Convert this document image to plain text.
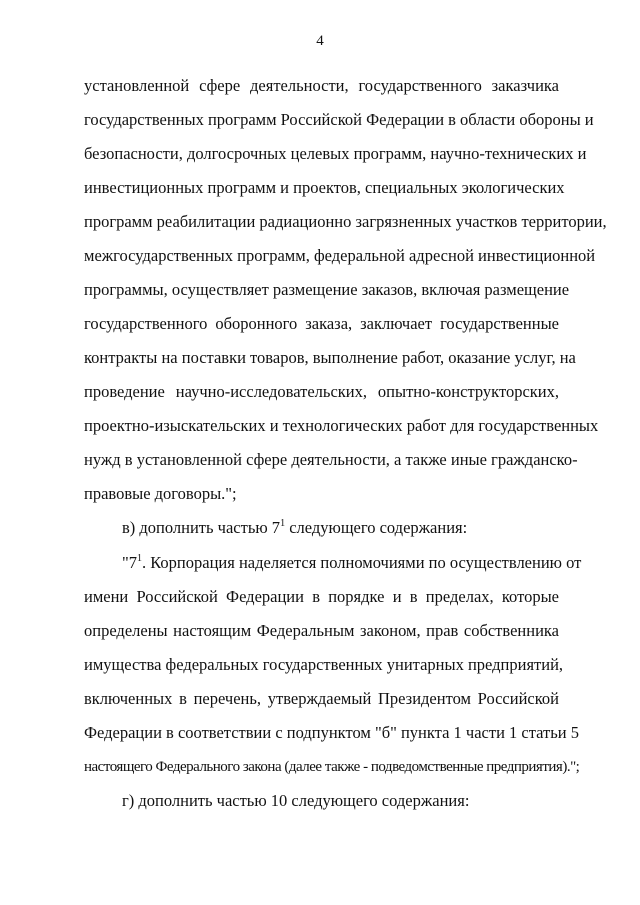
4
установленной сфере деятельности, государственного заказчика
государственных программ Российской Федерации в области обороны и
безопасности, долгосрочных целевых программ, научно-технических и
инвестиционных программ и проектов, специальных экологических
программ реабилитации радиационно загрязненных участков территории,
межгосударственных программ, федеральной адресной инвестиционной
программы, осуществляет размещение заказов, включая размещение
государственного оборонного заказа, заключает государственные
контракты на поставки товаров, выполнение работ, оказание услуг, на
проведение научно-исследовательских, опытно-конструкторских,
проектно-изыскательских и технологических работ для государственных
нужд в установленной сфере деятельности, а также иные гражданско-
правовые договоры.";
в) дополнить частью $7^1$ следующего содержания:
"$7^1$. Корпорация наделяется полномочиями по осуществлению от
имени Российской Федерации в порядке и в пределах, которые
определены настоящим Федеральным законом, прав собственника
имущества федеральных государственных унитарных предприятий,
включенных в перечень, утверждаемый Президентом Российской
Федерации в соответствии с подпунктом "б" пункта 1 части 1 статьи 5
настоящего Федерального закона (далее также - подведомственные предприятия).";
г) дополнить частью 10 следующего содержания:
